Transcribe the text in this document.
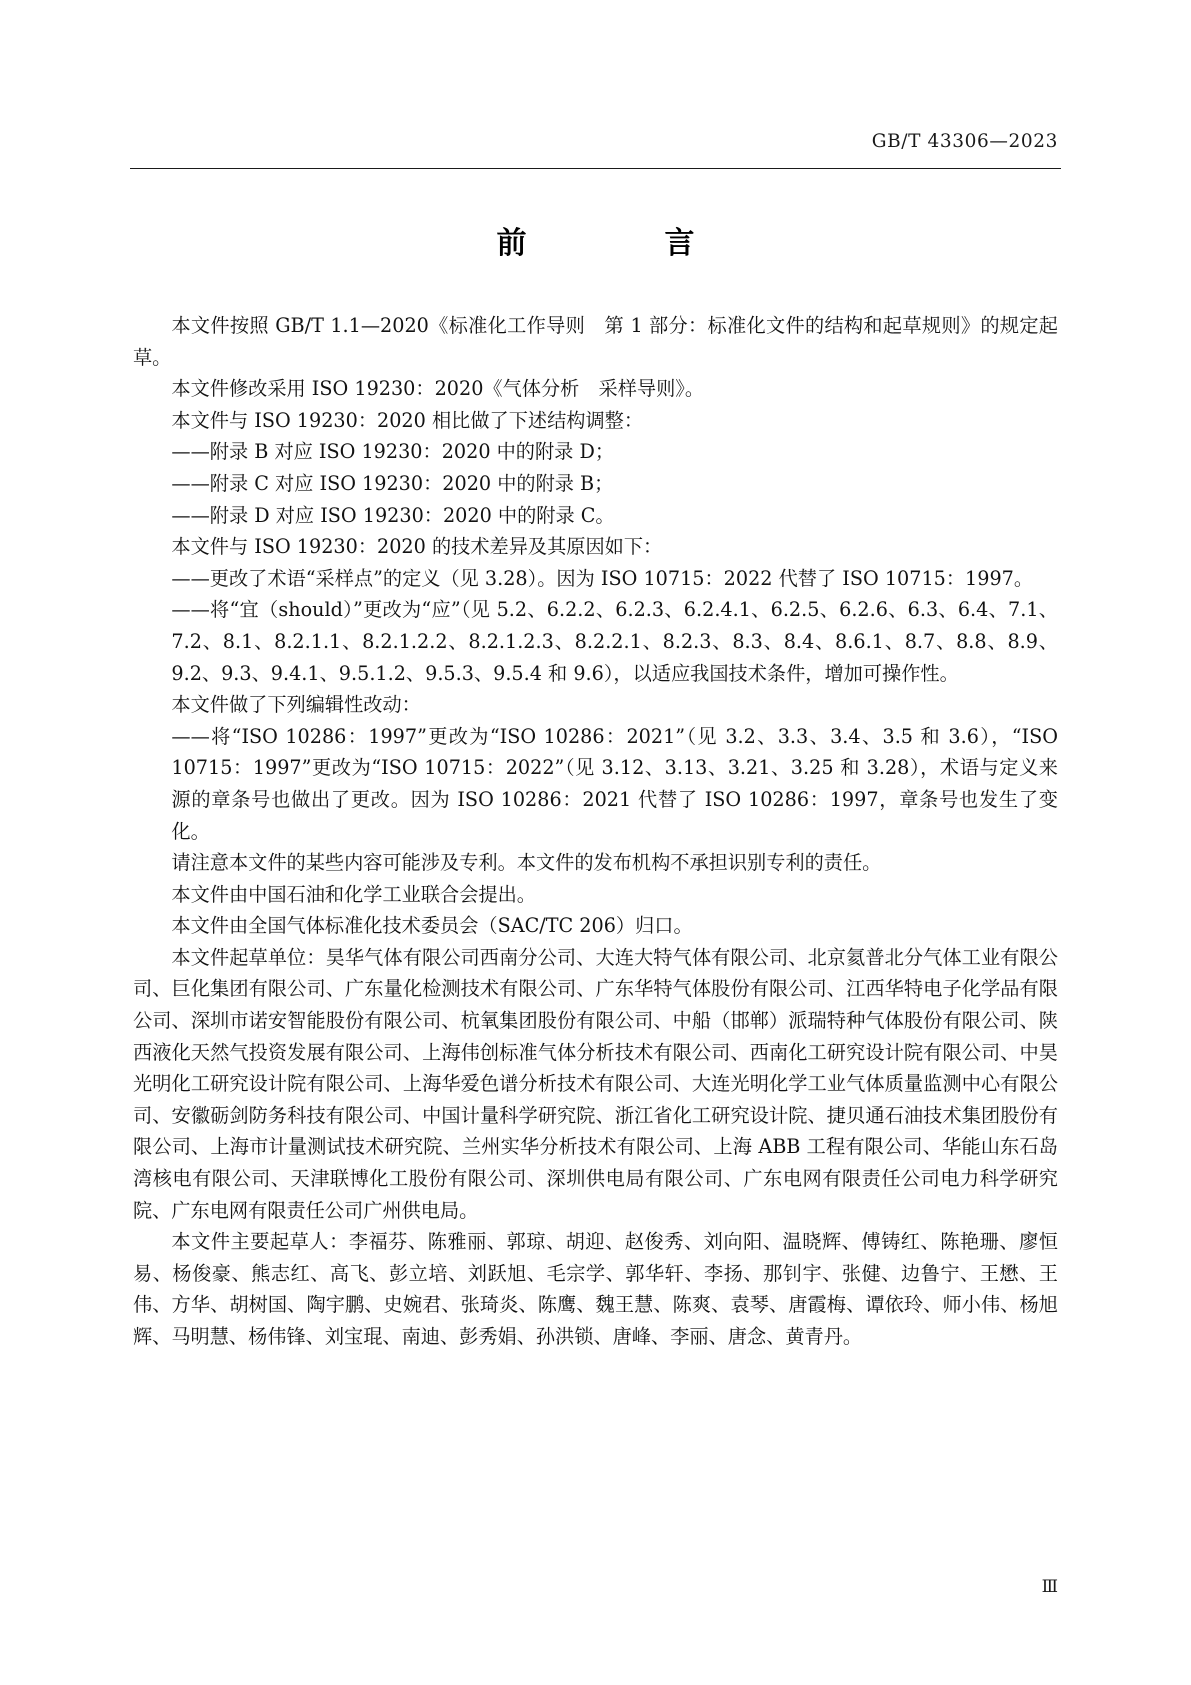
GB/T 43306—2023
前　　言

本文件按照 GB/T 1.1—2020《标准化工作导则　第 1 部分：标准化文件的结构和起草规则》的规定起草。

本文件修改采用 ISO 19230：2020《气体分析　采样导则》。

本文件与 ISO 19230：2020 相比做了下述结构调整：

——附录 B 对应 ISO 19230：2020 中的附录 D；

——附录 C 对应 ISO 19230：2020 中的附录 B；

——附录 D 对应 ISO 19230：2020 中的附录 C。

本文件与 ISO 19230：2020 的技术差异及其原因如下：

——更改了术语“采样点”的定义（见 3.28）。因为 ISO 10715：2022 代替了 ISO 10715：1997。

——将“宜（should）”更改为“应”（见 5.2、6.2.2、6.2.3、6.2.4.1、6.2.5、6.2.6、6.3、6.4、7.1、7.2、8.1、8.2.1.1、8.2.1.2.2、8.2.1.2.3、8.2.2.1、8.2.3、8.3、8.4、8.6.1、8.7、8.8、8.9、9.2、9.3、9.4.1、9.5.1.2、9.5.3、9.5.4 和 9.6），以适应我国技术条件，增加可操作性。

本文件做了下列编辑性改动：

——将“ISO 10286：1997”更改为“ISO 10286：2021”（见 3.2、3.3、3.4、3.5 和 3.6），“ISO 10715：1997”更改为“ISO 10715：2022”（见 3.12、3.13、3.21、3.25 和 3.28），术语与定义来源的章条号也做出了更改。因为 ISO 10286：2021 代替了 ISO 10286：1997，章条号也发生了变化。

请注意本文件的某些内容可能涉及专利。本文件的发布机构不承担识别专利的责任。

本文件由中国石油和化学工业联合会提出。

本文件由全国气体标准化技术委员会（SAC/TC 206）归口。

本文件起草单位：昊华气体有限公司西南分公司、大连大特气体有限公司、北京氦普北分气体工业有限公司、巨化集团有限公司、广东量化检测技术有限公司、广东华特气体股份有限公司、江西华特电子化学品有限公司、深圳市诺安智能股份有限公司、杭氧集团股份有限公司、中船（邯郸）派瑞特种气体股份有限公司、陕西液化天然气投资发展有限公司、上海伟创标准气体分析技术有限公司、西南化工研究设计院有限公司、中昊光明化工研究设计院有限公司、上海华爱色谱分析技术有限公司、大连光明化学工业气体质量监测中心有限公司、安徽砺剑防务科技有限公司、中国计量科学研究院、浙江省化工研究设计院、捷贝通石油技术集团股份有限公司、上海市计量测试技术研究院、兰州实华分析技术有限公司、上海 ABB 工程有限公司、华能山东石岛湾核电有限公司、天津联博化工股份有限公司、深圳供电局有限公司、广东电网有限责任公司电力科学研究院、广东电网有限责任公司广州供电局。

本文件主要起草人：李福芬、陈雅丽、郭琼、胡迎、赵俊秀、刘向阳、温晓辉、傅铸红、陈艳珊、廖恒易、杨俊豪、熊志红、高飞、彭立培、刘跃旭、毛宗学、郭华轩、李扬、那钊宇、张健、边鲁宁、王懋、王伟、方华、胡树国、陶宇鹏、史婉君、张琦炎、陈鹰、魏王慧、陈爽、袁琴、唐霞梅、谭依玲、师小伟、杨旭辉、马明慧、杨伟锋、刘宝琨、南迪、彭秀娟、孙洪锁、唐峰、李丽、唐念、黄青丹。

Ⅲ
